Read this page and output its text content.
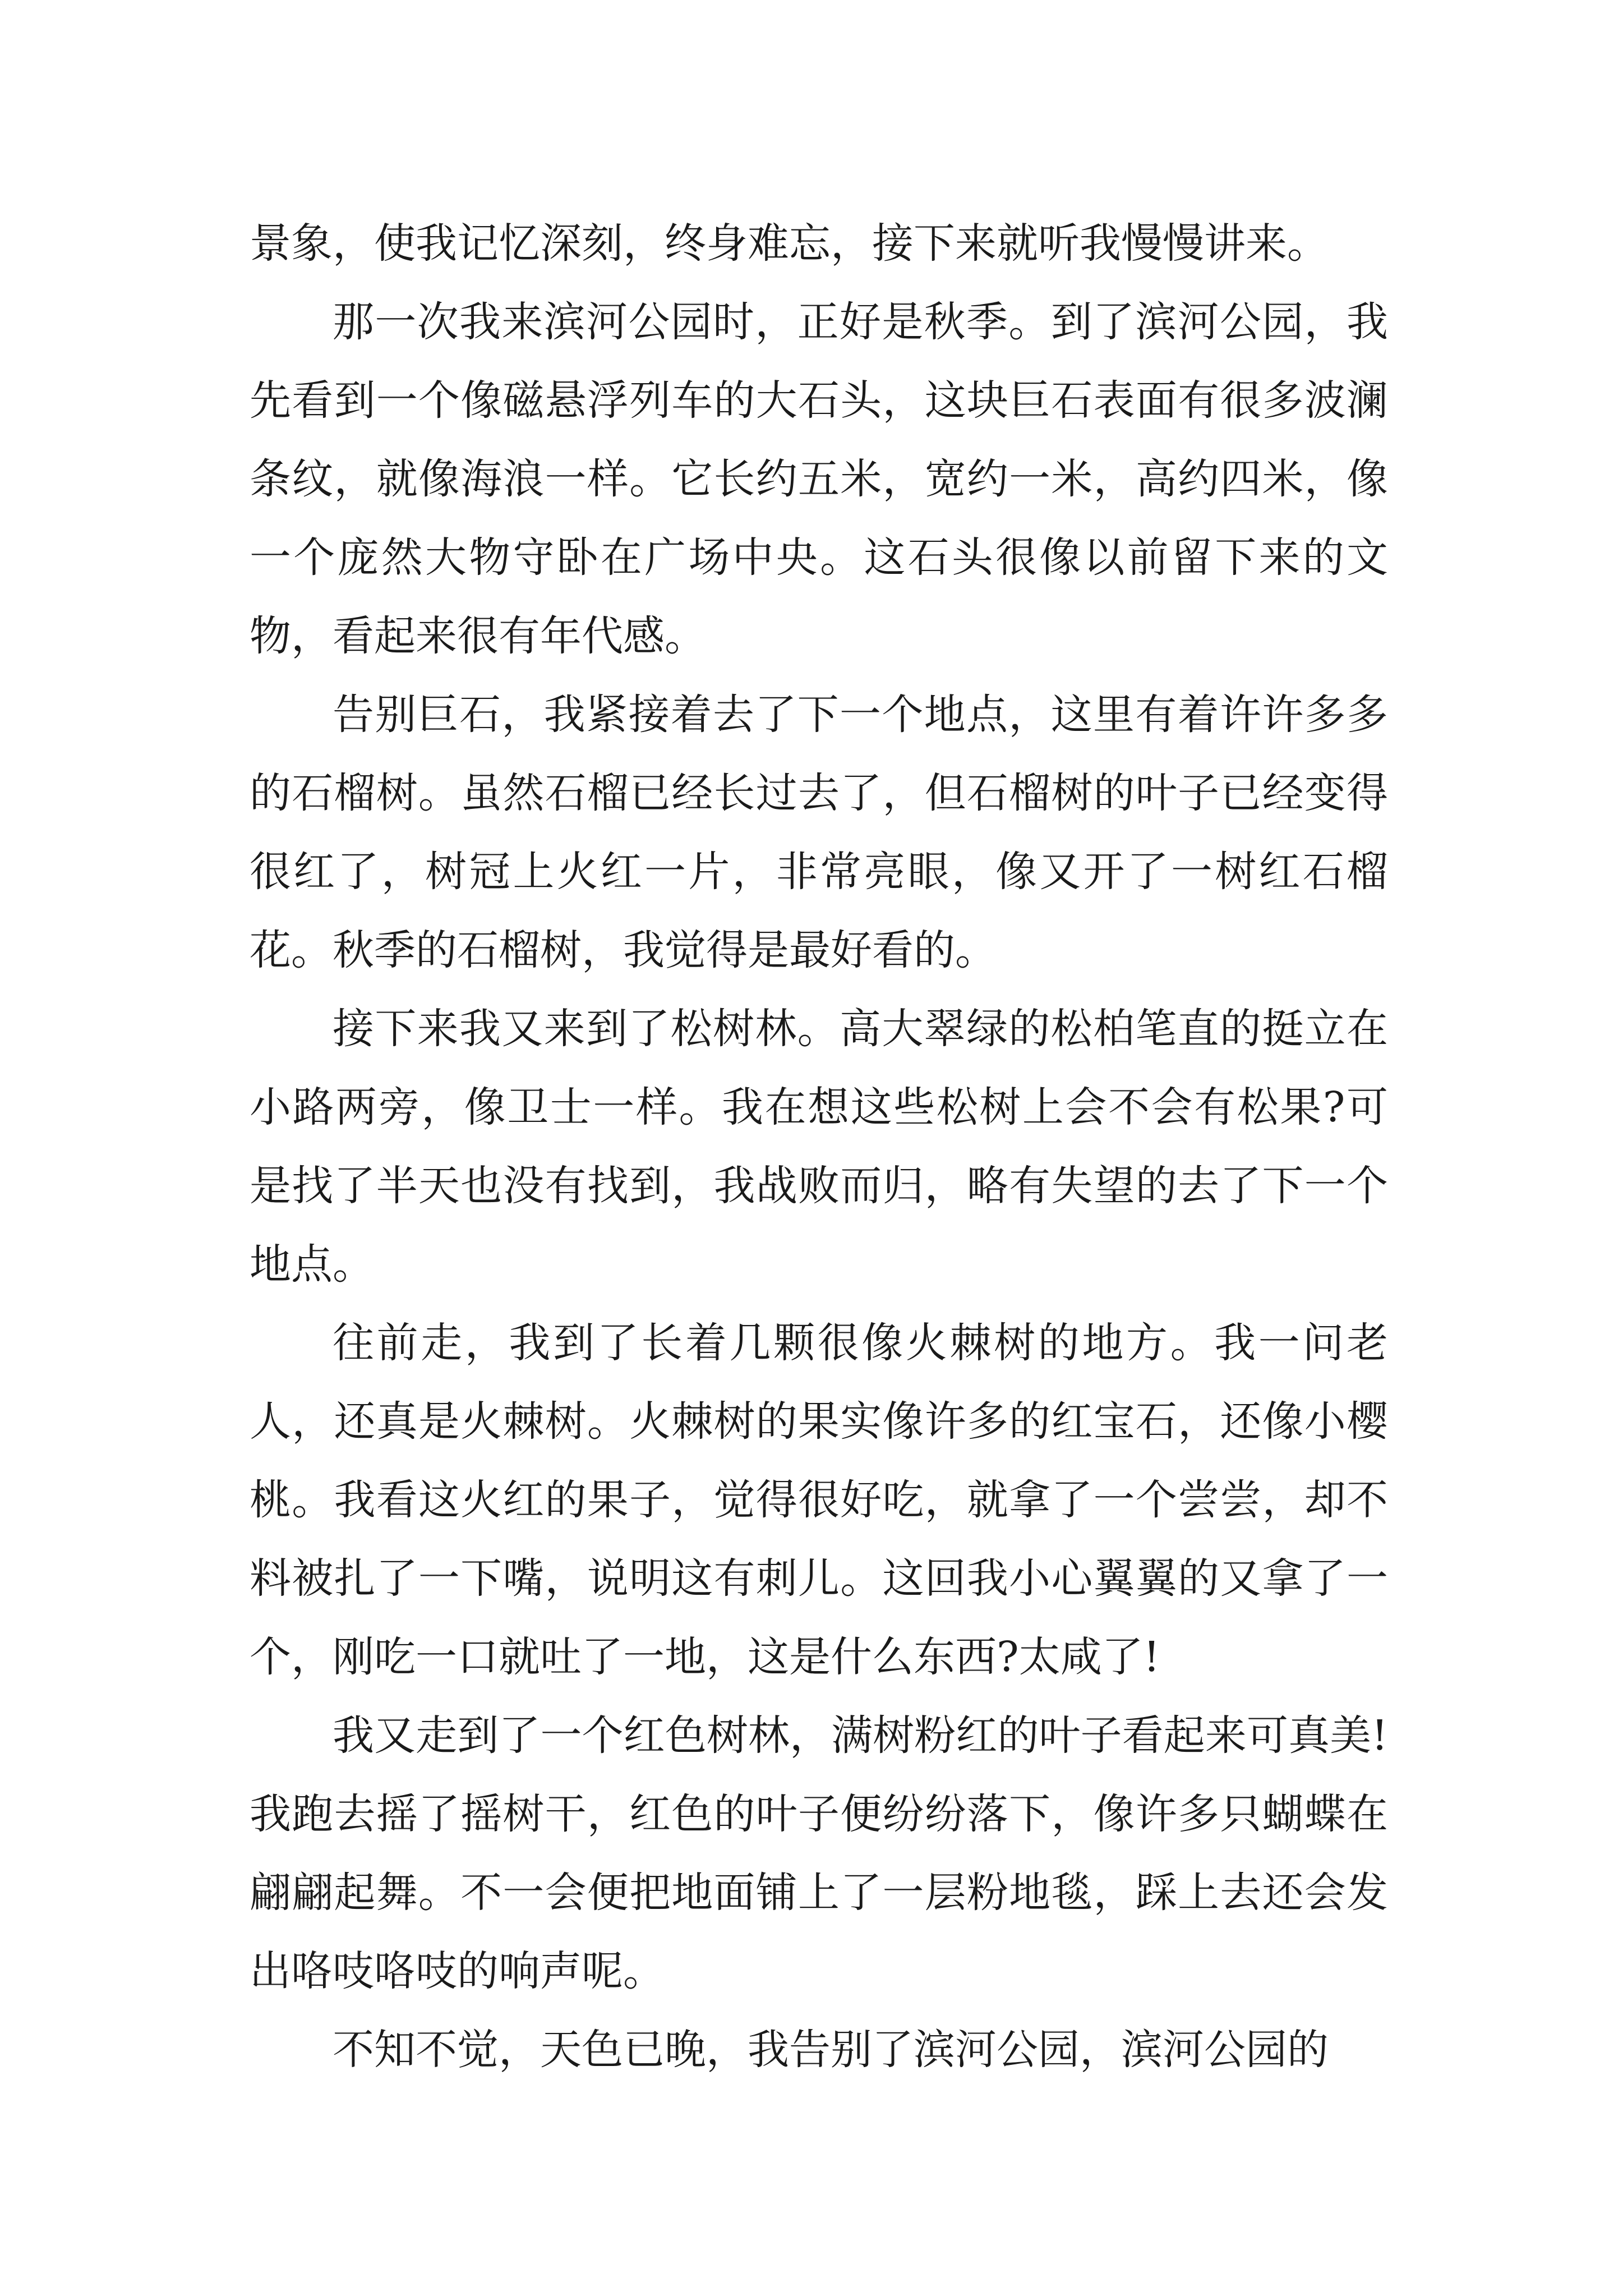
景象，使我记忆深刻，终身难忘，接下来就听我慢慢讲来。

那一次我来滨河公园时，正好是秋季。到了滨河公园，我先看到一个像磁悬浮列车的大石头，这块巨石表面有很多波澜条纹，就像海浪一样。它长约五米，宽约一米，高约四米，像一个庞然大物守卧在广场中央。这石头很像以前留下来的文物，看起来很有年代感。

告别巨石，我紧接着去了下一个地点，这里有着许许多多的石榴树。虽然石榴已经长过去了，但石榴树的叶子已经变得很红了，树冠上火红一片，非常亮眼，像又开了一树红石榴花。秋季的石榴树，我觉得是最好看的。

接下来我又来到了松树林。高大翠绿的松柏笔直的挺立在小路两旁，像卫士一样。我在想这些松树上会不会有松果?可是找了半天也没有找到，我战败而归，略有失望的去了下一个地点。

往前走，我到了长着几颗很像火棘树的地方。我一问老人，还真是火棘树。火棘树的果实像许多的红宝石，还像小樱桃。我看这火红的果子，觉得很好吃，就拿了一个尝尝，却不料被扎了一下嘴，说明这有刺儿。这回我小心翼翼的又拿了一个，刚吃一口就吐了一地，这是什么东西?太咸了!

我又走到了一个红色树林，满树粉红的叶子看起来可真美!我跑去摇了摇树干，红色的叶子便纷纷落下，像许多只蝴蝶在翩翩起舞。不一会便把地面铺上了一层粉地毯，踩上去还会发出咯吱咯吱的响声呢。

不知不觉，天色已晚，我告别了滨河公园，滨河公园的
